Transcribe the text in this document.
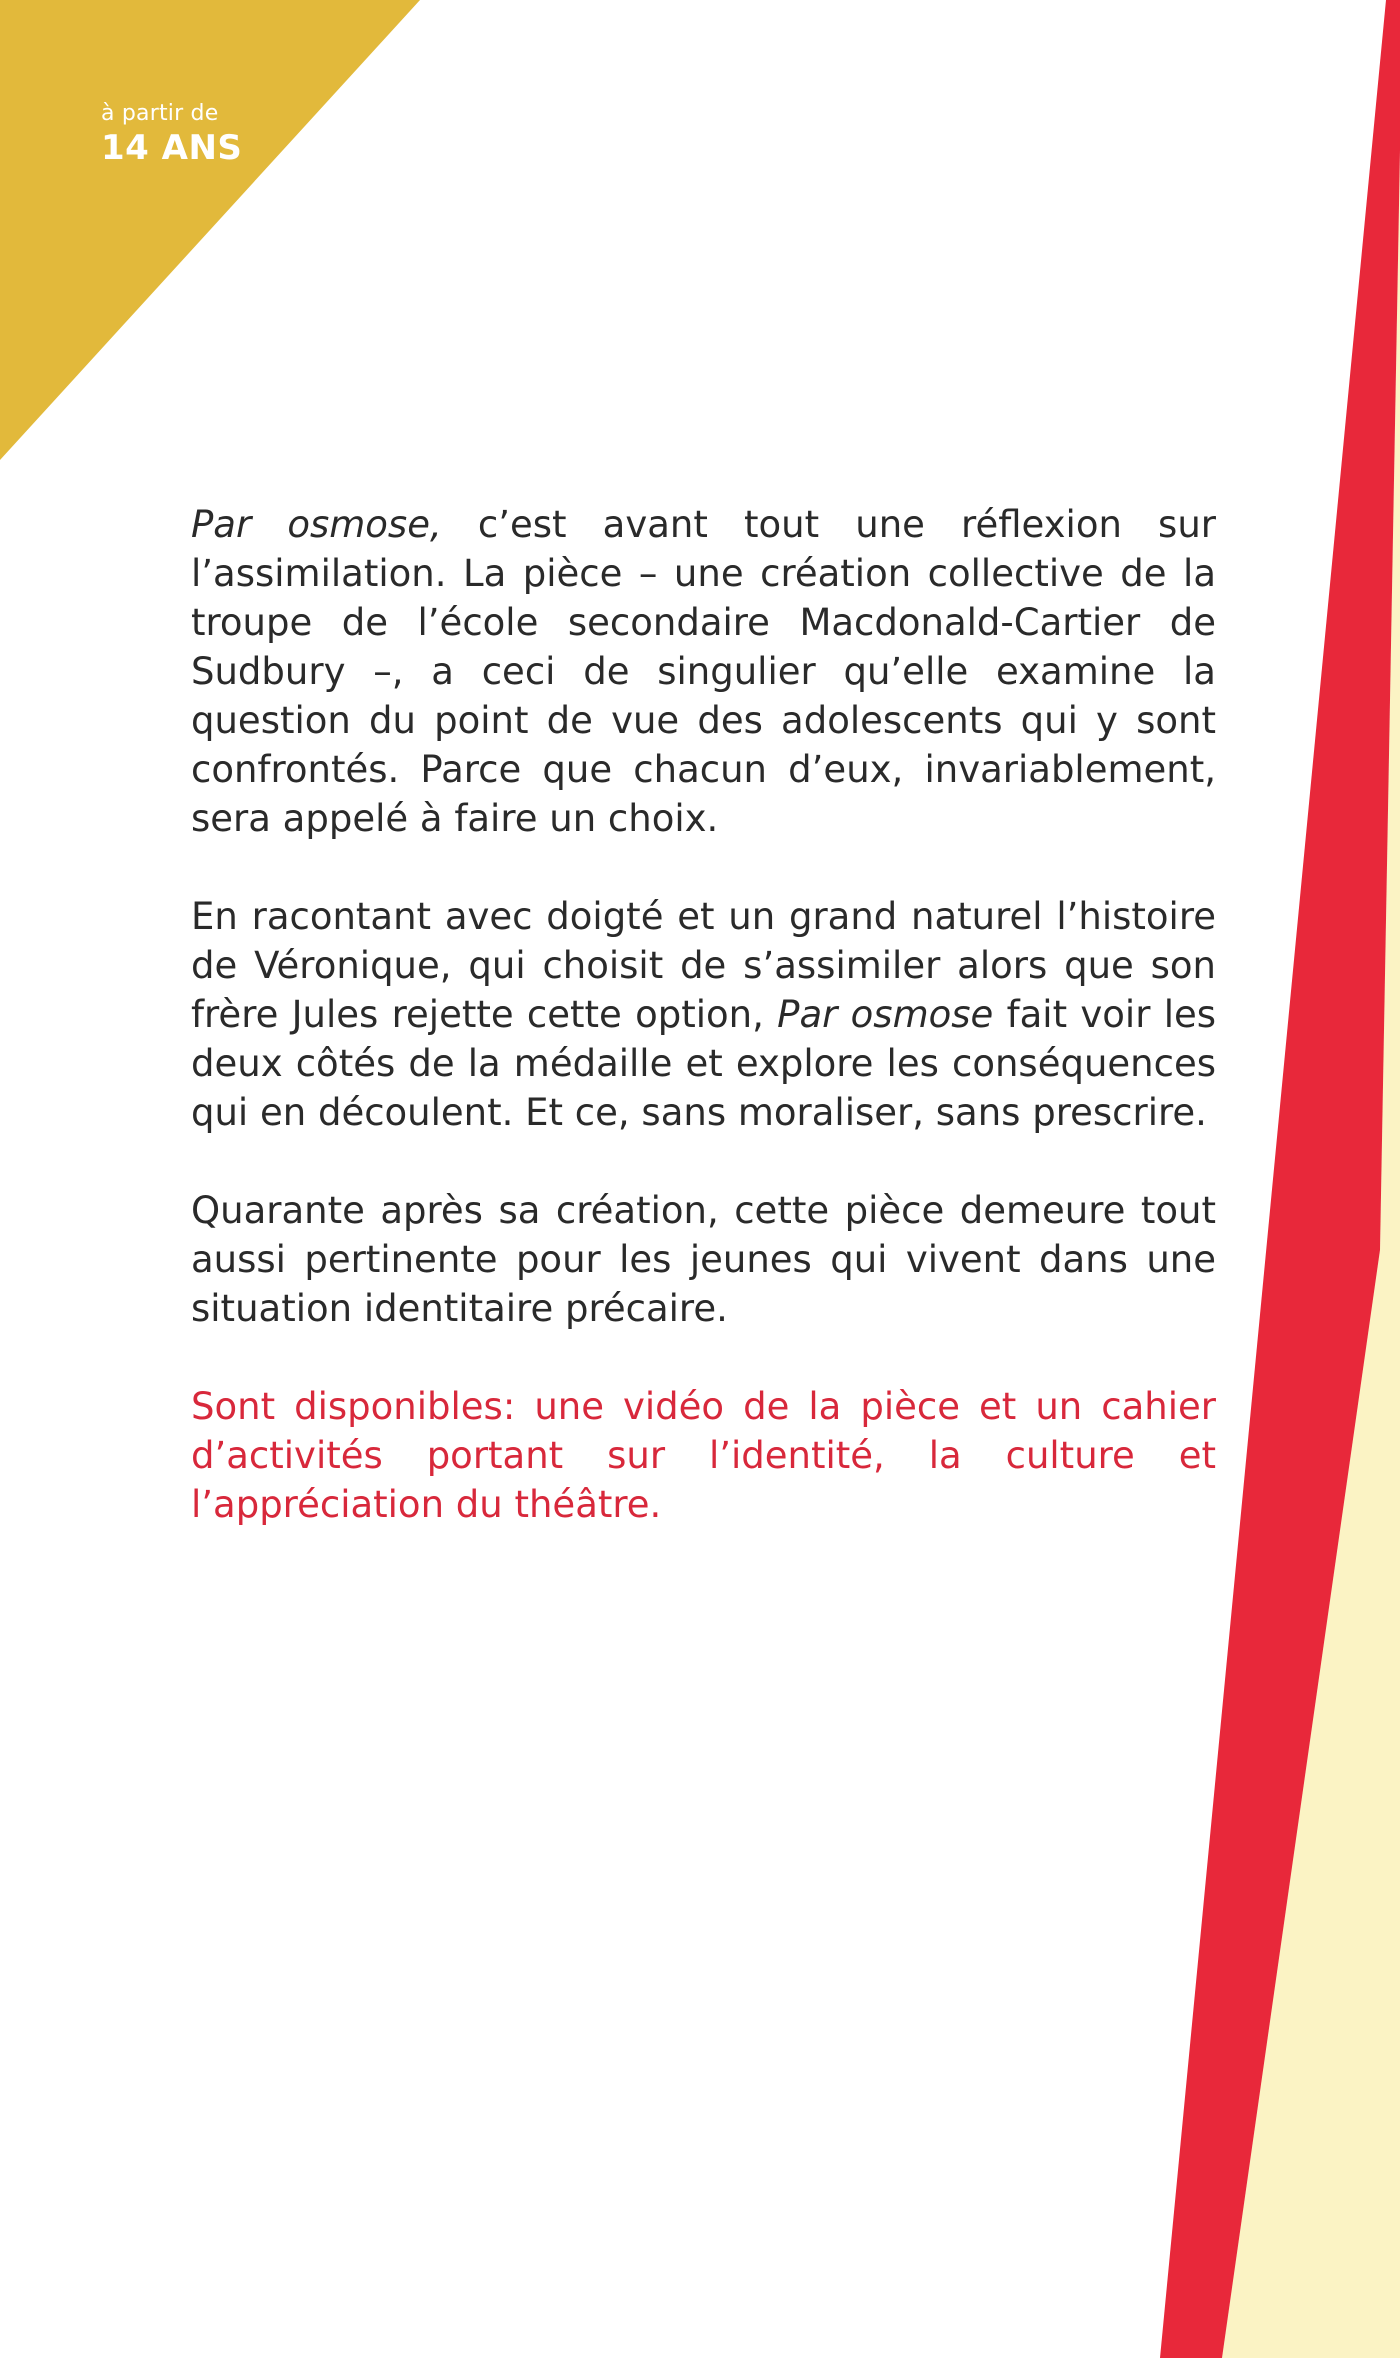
à partir de
14 ANS

Par osmose, c’est avant tout une réflexion sur l’assimilation. La pièce – une création collective de la troupe de l’école secondaire Macdonald-Cartier de Sudbury –, a ceci de singulier qu’elle examine la question du point de vue des adolescents qui y sont confrontés. Parce que chacun d’eux, invariablement, sera appelé à faire un choix.

En racontant avec doigté et un grand naturel l’histoire de Véronique, qui choisit de s’assimiler alors que son frère Jules rejette cette option, Par osmose fait voir les deux côtés de la médaille et explore les conséquences qui en découlent. Et ce, sans moraliser, sans prescrire.

Quarante après sa création, cette pièce demeure tout aussi pertinente pour les jeunes qui vivent dans une situation identitaire précaire.

Sont disponibles: une vidéo de la pièce et un cahier d’activités portant sur l’identité, la culture et l’appréciation du théâtre.
